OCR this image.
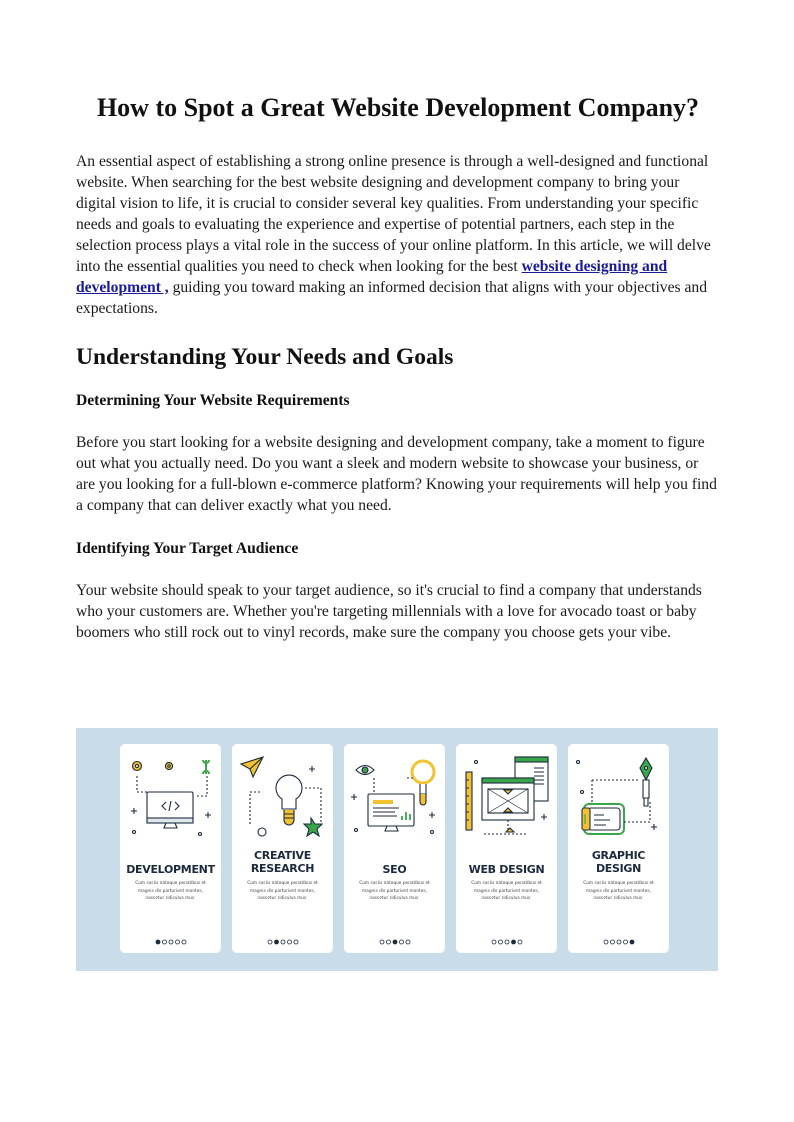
How to Spot a Great Website Development Company?

An essential aspect of establishing a strong online presence is through a well-designed and functional website. When searching for the best website designing and development company to bring your digital vision to life, it is crucial to consider several key qualities. From understanding your specific needs and goals to evaluating the experience and expertise of potential partners, each step in the selection process plays a vital role in the success of your online platform. In this article, we will delve into the essential qualities you need to check when looking for the best website designing and development , guiding you toward making an informed decision that aligns with your objectives and expectations.

Understanding Your Needs and Goals
Determining Your Website Requirements

Before you start looking for a website designing and development company, take a moment to figure out what you actually need. Do you want a sleek and modern website to showcase your business, or are you looking for a full-blown e-commerce platform? Knowing your requirements will help you find a company that can deliver exactly what you need.

Identifying Your Target Audience

Your website should speak to your target audience, so it's crucial to find a company that understands who your customers are. Whether you're targeting millennials with a love for avocado toast or baby boomers who still rock out to vinyl records, make sure the company you choose gets your vibe.

DEVELOPMENT
Cum sociis natoque penatibus et magnis dis parturient montes, nascetur ridiculus mus.
CREATIVE
RESEARCH
Cum sociis natoque penatibus et magnis dis parturient montes, nascetur ridiculus mus.
SEO
Cum sociis natoque penatibus et magnis dis parturient montes, nascetur ridiculus mus.
WEB DESIGN
Cum sociis natoque penatibus et magnis dis parturient montes, nascetur ridiculus mus.
GRAPHIC
DESIGN
Cum sociis natoque penatibus et magnis dis parturient montes, nascetur ridiculus mus.
